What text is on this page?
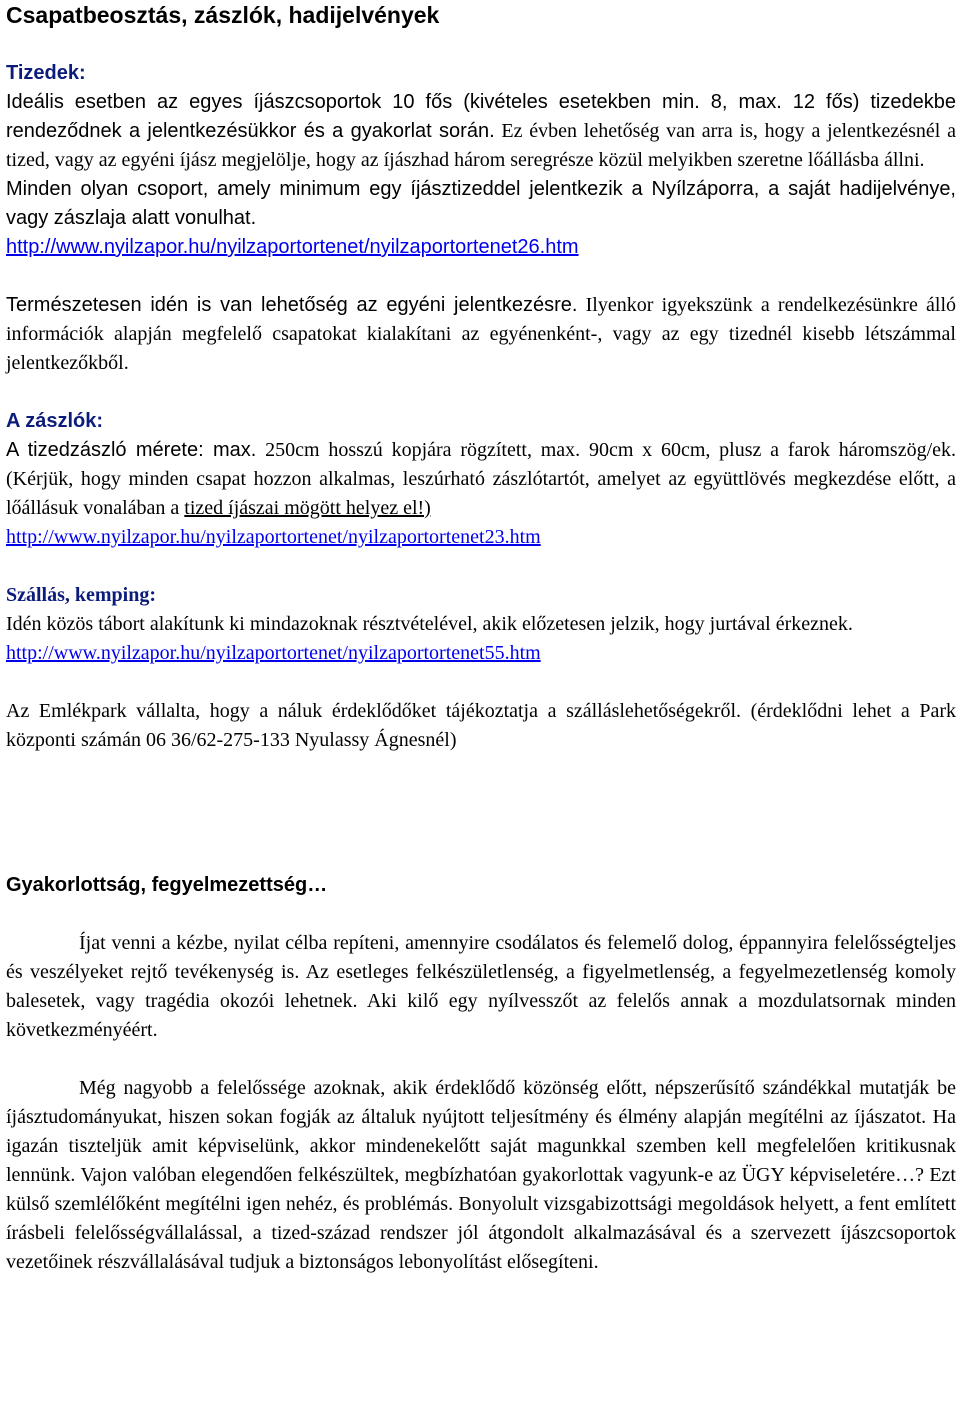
Csapatbeosztás, zászlók, hadijelvények
Tizedek:

Ideális esetben az egyes íjászcsoportok 10 fős (kivételes esetekben min. 8, max. 12 fős) tizedekbe rendeződnek a jelentkezésükkor és a gyakorlat során. Ez évben lehetőség van arra is, hogy a jelentkezésnél a tized, vagy az egyéni íjász megjelölje, hogy az íjászhad három seregrésze közül melyikben szeretne lőállásba állni.

Minden olyan csoport, amely minimum egy íjásztizeddel jelentkezik a Nyílzáporra, a saját hadijelvénye, vagy zászlaja alatt vonulhat.

http://www.nyilzapor.hu/nyilzaportortenet/nyilzaportortenet26.htm

Természetesen idén is van lehetőség az egyéni jelentkezésre. Ilyenkor igyekszünk a rendelkezésünkre álló információk alapján megfelelő csapatokat kialakítani az egyénenként-, vagy az egy tizednél kisebb létszámmal jelentkezőkből.

A zászlók:

A tizedzászló mérete: max. 250cm hosszú kopjára rögzített, max. 90cm x 60cm, plusz a farok háromszög/ek. (Kérjük, hogy minden csapat hozzon alkalmas, leszúrható zászlótartót, amelyet az együttlövés megkezdése előtt, a lőállásuk vonalában a tized íjászai mögött helyez el!)

http://www.nyilzapor.hu/nyilzaportortenet/nyilzaportortenet23.htm

Szállás, kemping:

Idén közös tábort alakítunk ki mindazoknak résztvételével, akik előzetesen jelzik, hogy jurtával érkeznek.

http://www.nyilzapor.hu/nyilzaportortenet/nyilzaportortenet55.htm

Az Emlékpark vállalta, hogy a náluk érdeklődőket tájékoztatja a szálláslehetőségekről. (érdeklődni lehet a Park központi számán 06 36/62-275-133 Nyulassy Ágnesnél)

Gyakorlottság, fegyelmezettség…

Íjat venni a kézbe, nyilat célba repíteni, amennyire csodálatos és felemelő dolog, éppannyira felelősségteljes és veszélyeket rejtő tevékenység is. Az esetleges felkészületlenség, a figyelmetlenség, a fegyelmezetlenség komoly balesetek, vagy tragédia okozói lehetnek. Aki kilő egy nyílvesszőt az felelős annak a mozdulatsornak minden következményéért.

Még nagyobb a felelőssége azoknak, akik érdeklődő közönség előtt, népszerűsítő szándékkal mutatják be íjásztudományukat, hiszen sokan fogják az általuk nyújtott teljesítmény és élmény alapján megítélni az íjászatot. Ha igazán tiszteljük amit képviselünk, akkor mindenekelőtt saját magunkkal szemben kell megfelelően kritikusnak lennünk. Vajon valóban elegendően felkészültek, megbízhatóan gyakorlottak vagyunk-e az ÜGY képviseletére…? Ezt külső szemlélőként megítélni igen nehéz, és problémás. Bonyolult vizsgabizottsági megoldások helyett, a fent említett írásbeli felelősségvállalással, a tized-század rendszer jól átgondolt alkalmazásával és a szervezett íjászcsoportok vezetőinek részvállalásával tudjuk a biztonságos lebonyolítást elősegíteni.
